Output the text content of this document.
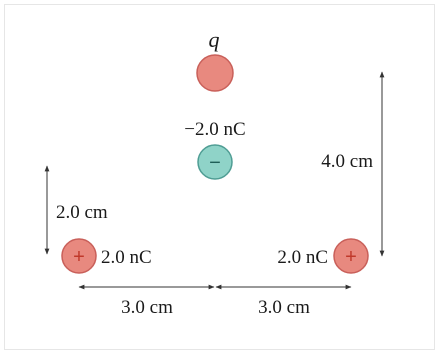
q
−2.0 nC
−
+ 2.0 nC	+
2.0 nC
2.0 cm
4.0 cm
3.0 cm	3.0 cm
